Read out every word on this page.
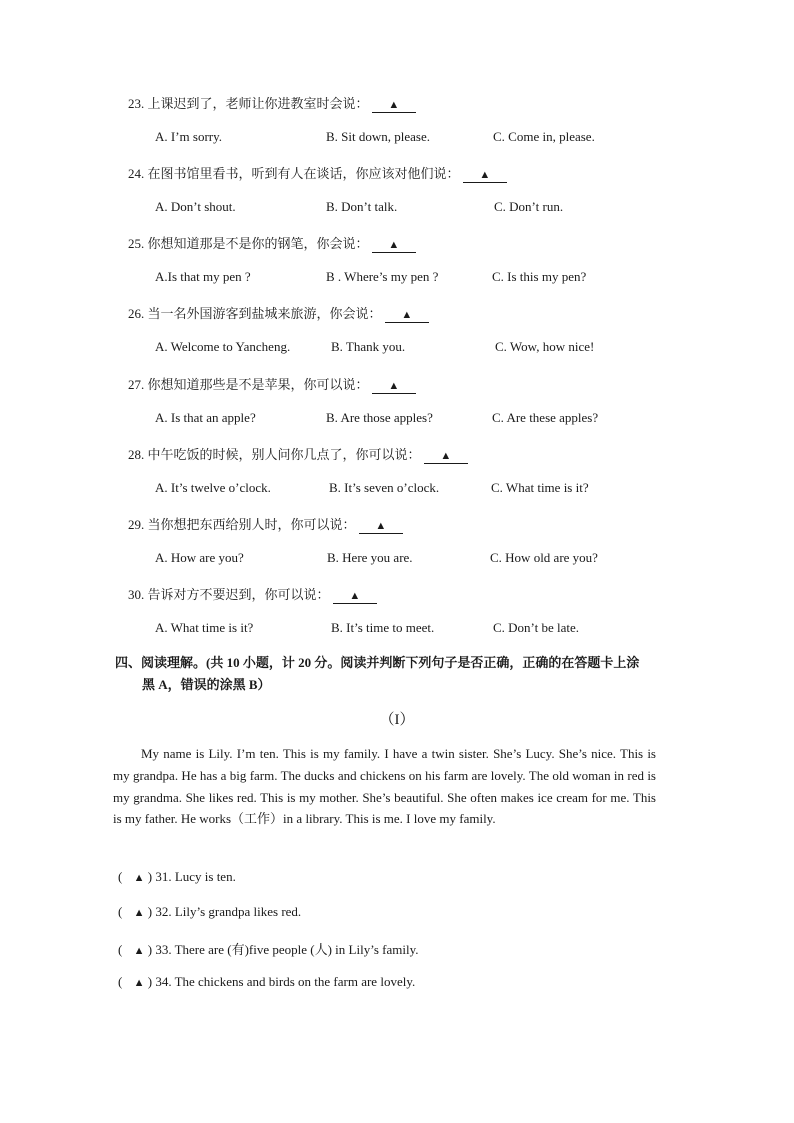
23. 上课迟到了，老师让你进教室时会说： ▲
A. I’m sorry.	B. Sit down, please.	C. Come in, please.
24. 在图书馆里看书，听到有人在谈话，你应该对他们说： ▲
A. Don’t shout.	B. Don’t talk.	C. Don’t run.
25. 你想知道那是不是你的钢笔，你会说： ▲
A.Is that my pen ?	B . Where’s my pen ?	C. Is this my pen?
26. 当一名外国游客到盐城来旅游，你会说： ▲
A. Welcome to Yancheng.	B. Thank you.	C. Wow, how nice!
27. 你想知道那些是不是苹果，你可以说： ▲
A. Is that an apple?	B. Are those apples?	C. Are these apples?
28. 中午吃饭的时候，别人问你几点了，你可以说： ▲
A. It’s twelve o’clock.	B. It’s seven o’clock.	C. What time is it?
29. 当你想把东西给别人时，你可以说： ▲
A. How are you?	B. Here you are.	C. How old are you?
30. 告诉对方不要迟到，你可以说： ▲
A. What time is it?	B. It’s time to meet.	C. Don’t be late.
四、阅读理解。(共 10 小题，计 20 分。阅读并判断下列句子是否正确，正确的在答题卡上涂
黑 A，错误的涂黑 B）
（I）
My name is Lily. I’m ten. This is my family. I have a twin sister. She’s Lucy. She’s nice. This is my grandpa. He has a big farm. The ducks and chickens on his farm are lovely. The old woman in red is my grandma. She likes red. This is my mother. She’s beautiful. She often makes ice cream for me. This is my father. He works（工作）in a library. This is me. I love my family.
( ▲ ) 31. Lucy is ten.
( ▲ ) 32. Lily’s grandpa likes red.
( ▲ ) 33. There are (有)five people (人) in Lily’s family.
( ▲ ) 34. The chickens and birds on the farm are lovely.
